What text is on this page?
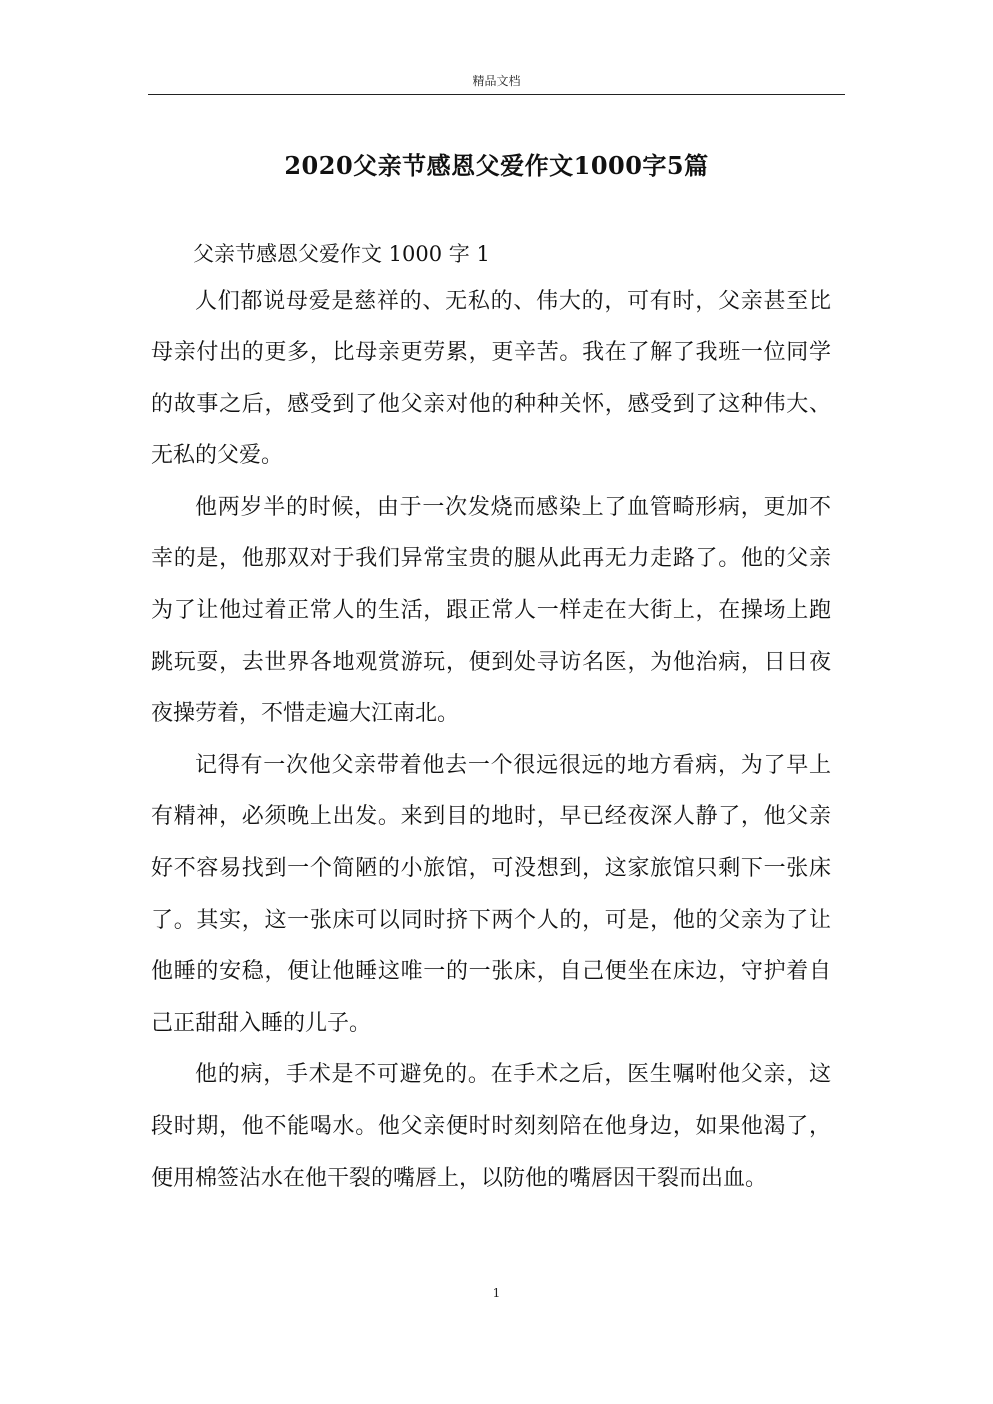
精品文档
2020父亲节感恩父爱作文1000字5篇
父亲节感恩父爱作文 1000 字 1

人们都说母爱是慈祥的、无私的、伟大的，可有时，父亲甚至比母亲付出的更多，比母亲更劳累，更辛苦。我在了解了我班一位同学的故事之后，感受到了他父亲对他的种种关怀，感受到了这种伟大、无私的父爱。

他两岁半的时候，由于一次发烧而感染上了血管畸形病，更加不幸的是，他那双对于我们异常宝贵的腿从此再无力走路了。他的父亲为了让他过着正常人的生活，跟正常人一样走在大街上，在操场上跑跳玩耍，去世界各地观赏游玩，便到处寻访名医，为他治病，日日夜夜操劳着，不惜走遍大江南北。

记得有一次他父亲带着他去一个很远很远的地方看病，为了早上有精神，必须晚上出发。来到目的地时，早已经夜深人静了，他父亲好不容易找到一个简陋的小旅馆，可没想到，这家旅馆只剩下一张床了。其实，这一张床可以同时挤下两个人的，可是，他的父亲为了让他睡的安稳，便让他睡这唯一的一张床，自己便坐在床边，守护着自己正甜甜入睡的儿子。

他的病，手术是不可避免的。在手术之后，医生嘱咐他父亲，这段时期，他不能喝水。他父亲便时时刻刻陪在他身边，如果他渴了，便用棉签沾水在他干裂的嘴唇上，以防他的嘴唇因干裂而出血。

1
